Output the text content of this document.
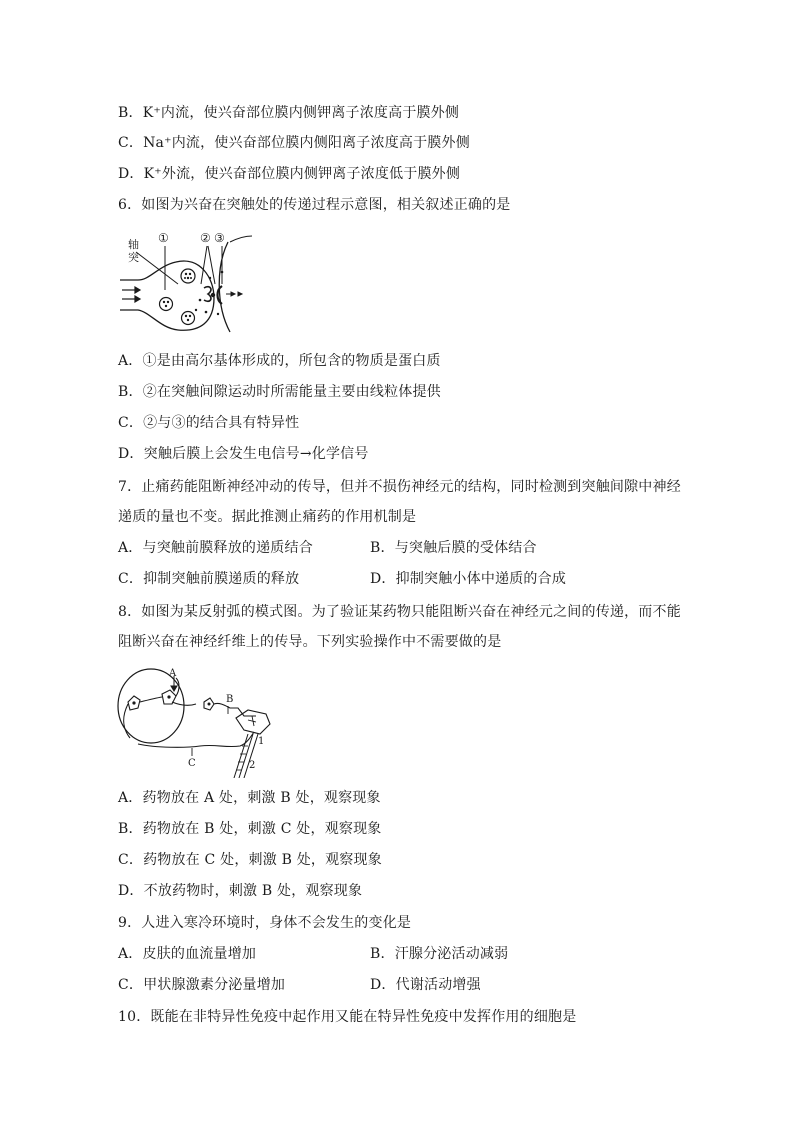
B．K⁺内流，使兴奋部位膜内侧钾离子浓度高于膜外侧
C．Na⁺内流，使兴奋部位膜内侧阳离子浓度高于膜外侧
D．K⁺外流，使兴奋部位膜内侧钾离子浓度低于膜外侧
6．如图为兴奋在突触处的传递过程示意图，相关叙述正确的是
轴
突
①	② ③
A．①是由高尔基体形成的，所包含的物质是蛋白质
B．②在突触间隙运动时所需能量主要由线粒体提供
C．②与③的结合具有特异性
D．突触后膜上会发生电信号→化学信号
7．止痛药能阻断神经冲动的传导，但并不损伤神经元的结构，同时检测到突触间隙中神经
递质的量也不变。据此推测止痛药的作用机制是
A．与突触前膜释放的递质结合	B．与突触后膜的受体结合
C．抑制突触前膜递质的释放	D．抑制突触小体中递质的合成
8．如图为某反射弧的模式图。为了验证某药物只能阻断兴奋在神经元之间的传递，而不能
阻断兴奋在神经纤维上的传导。下列实验操作中不需要做的是
A
B
C
1
2
A．药物放在 A 处，刺激 B 处，观察现象
B．药物放在 B 处，刺激 C 处，观察现象
C．药物放在 C 处，刺激 B 处，观察现象
D．不放药物时，刺激 B 处，观察现象
9．人进入寒冷环境时，身体不会发生的变化是
A．皮肤的血流量增加	B．汗腺分泌活动减弱
C．甲状腺激素分泌量增加	D．代谢活动增强
10．既能在非特异性免疫中起作用又能在特异性免疫中发挥作用的细胞是
